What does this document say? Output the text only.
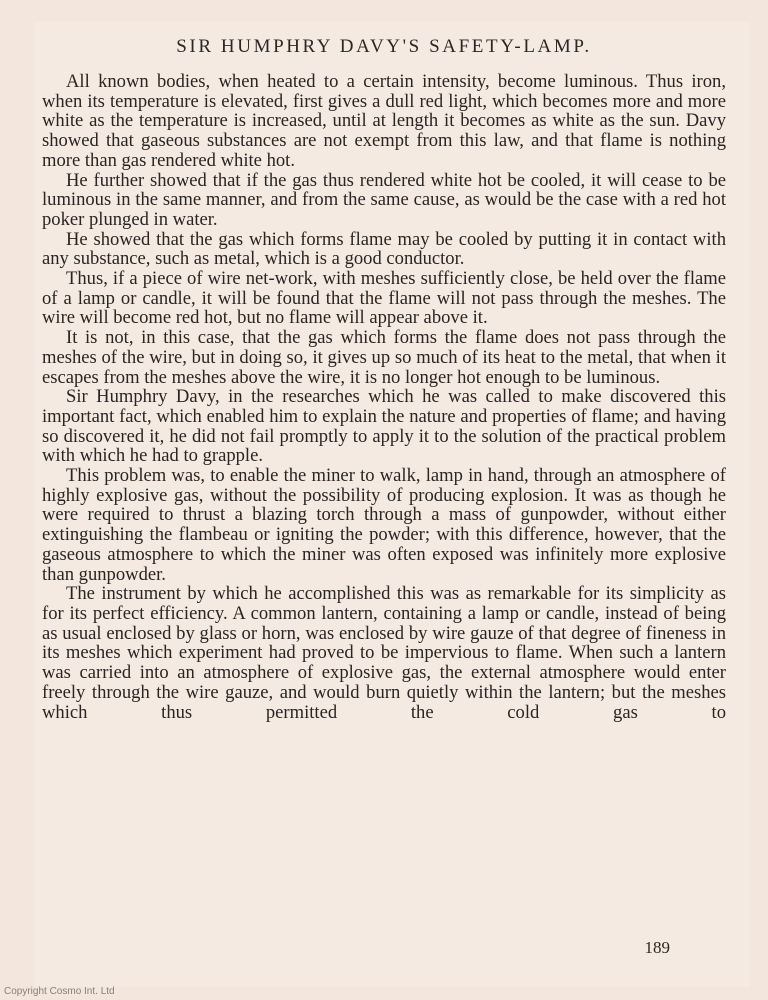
SIR HUMPHRY DAVY'S SAFETY-LAMP.

All known bodies, when heated to a certain intensity, become luminous. Thus iron, when its temperature is elevated, first gives a dull red light, which becomes more and more white as the temperature is increased, until at length it becomes as white as the sun. Davy showed that gaseous substances are not exempt from this law, and that flame is nothing more than gas rendered white hot.

He further showed that if the gas thus rendered white hot be cooled, it will cease to be luminous in the same manner, and from the same cause, as would be the case with a red hot poker plunged in water.

He showed that the gas which forms flame may be cooled by putting it in contact with any substance, such as metal, which is a good conductor.

Thus, if a piece of wire net-work, with meshes sufficiently close, be held over the flame of a lamp or candle, it will be found that the flame will not pass through the meshes. The wire will become red hot, but no flame will appear above it.

It is not, in this case, that the gas which forms the flame does not pass through the meshes of the wire, but in doing so, it gives up so much of its heat to the metal, that when it escapes from the meshes above the wire, it is no longer hot enough to be luminous.

Sir Humphry Davy, in the researches which he was called to make discovered this important fact, which enabled him to explain the nature and properties of flame; and having so discovered it, he did not fail promptly to apply it to the solution of the practical problem with which he had to grapple.

This problem was, to enable the miner to walk, lamp in hand, through an atmosphere of highly explosive gas, without the possibility of producing explosion. It was as though he were required to thrust a blazing torch through a mass of gunpowder, without either extinguishing the flambeau or igniting the powder; with this difference, however, that the gaseous atmosphere to which the miner was often exposed was infinitely more explosive than gunpowder.

The instrument by which he accomplished this was as remarkable for its simplicity as for its perfect efficiency. A common lantern, containing a lamp or candle, instead of being as usual enclosed by glass or horn, was enclosed by wire gauze of that degree of fineness in its meshes which experiment had proved to be impervious to flame. When such a lantern was carried into an atmosphere of explosive gas, the external atmosphere would enter freely through the wire gauze, and would burn quietly within the lantern; but the meshes which thus permitted the cold gas to

189
Copyright Cosmo Int. Ltd
